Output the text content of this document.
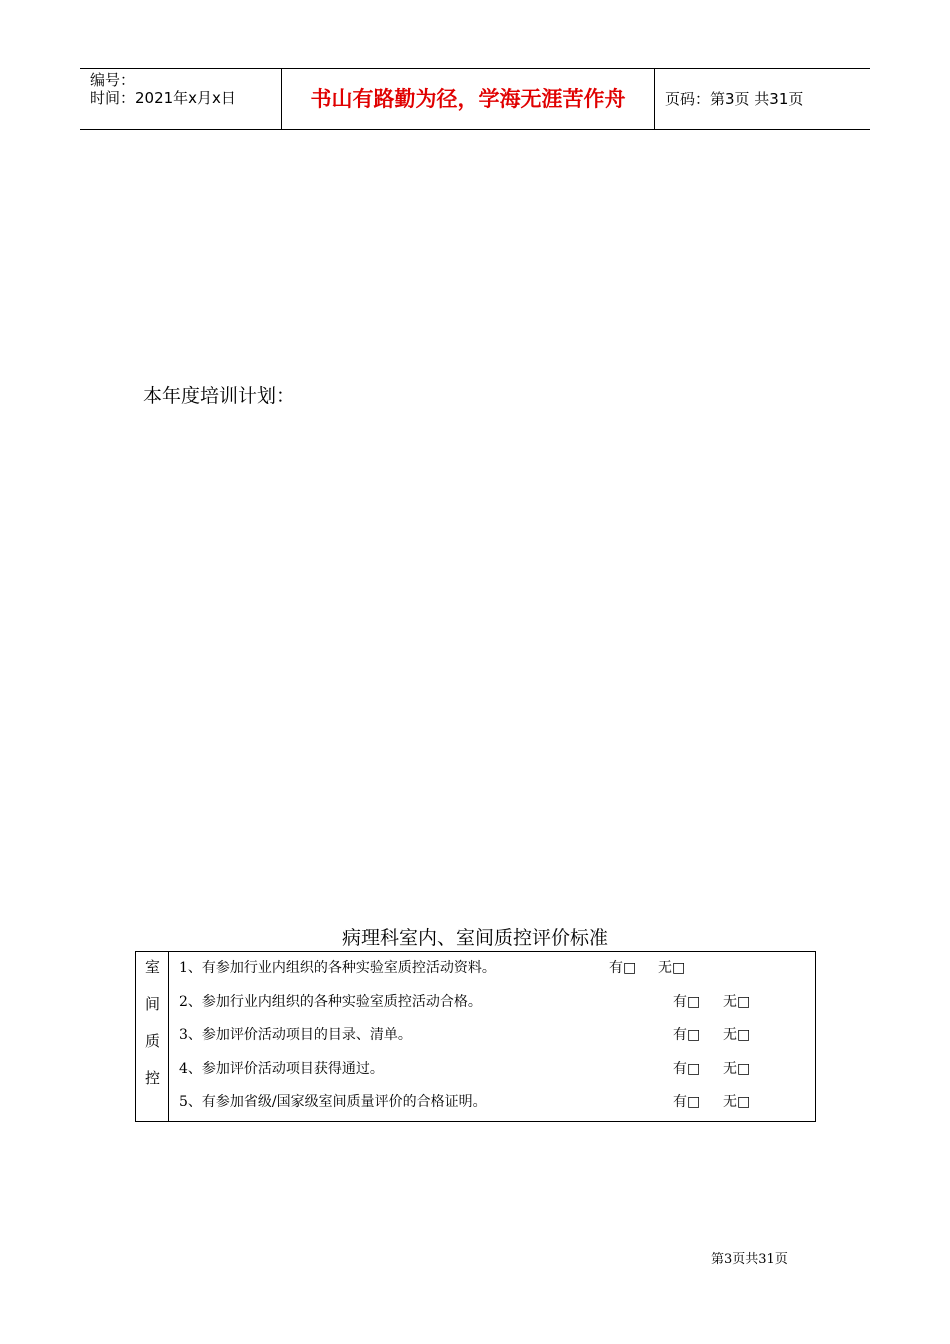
编号：
时间：2021年x月x日	书山有路勤为径，学海无涯苦作舟	页码：第3页 共31页
本年度培训计划：
病理科室内、室间质控评价标准
室
间
质
控
1、有参加行业内组织的各种实验室质控活动资料。	有□ 无□
2、参加行业内组织的各种实验室质控活动合格。	有□ 无□
3、参加评价活动项目的目录、清单。	有□ 无□
4、参加评价活动项目获得通过。	有□ 无□
5、有参加省级/国家级室间质量评价的合格证明。	有□ 无□
第3页共31页
